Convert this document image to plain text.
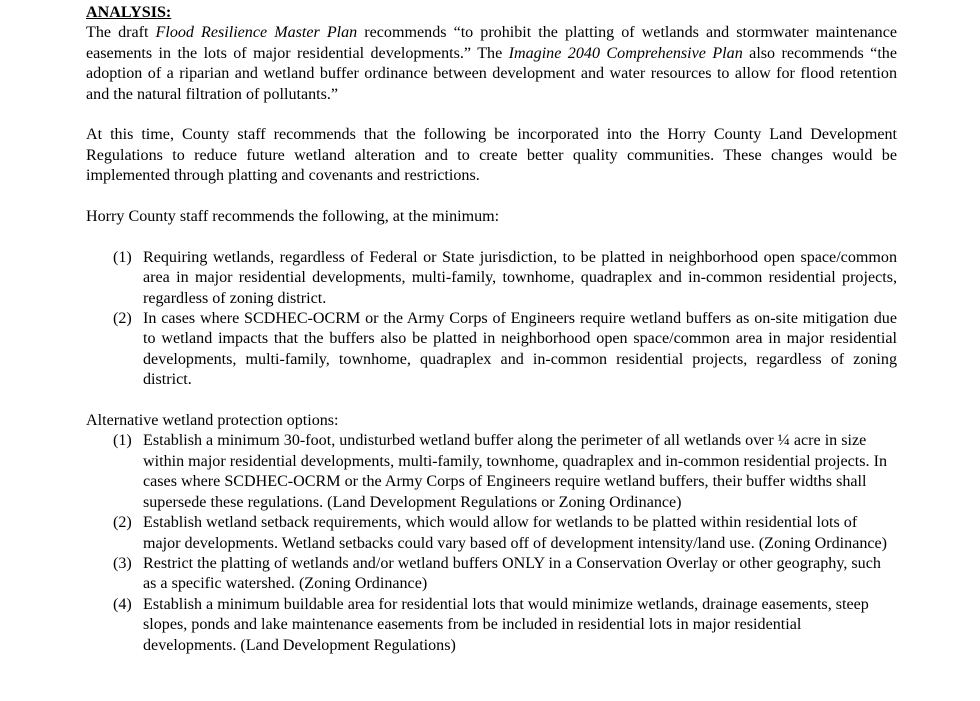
ANALYSIS:

The draft Flood Resilience Master Plan recommends “to prohibit the platting of wetlands and stormwater maintenance easements in the lots of major residential developments.” The Imagine 2040 Comprehensive Plan also recommends “the adoption of a riparian and wetland buffer ordinance between development and water resources to allow for flood retention and the natural filtration of pollutants.”

At this time, County staff recommends that the following be incorporated into the Horry County Land Development Regulations to reduce future wetland alteration and to create better quality communities. These changes would be implemented through platting and covenants and restrictions.

Horry County staff recommends the following, at the minimum:

(1) Requiring wetlands, regardless of Federal or State jurisdiction, to be platted in neighborhood open space/common area in major residential developments, multi-family, townhome, quadraplex and in-common residential projects, regardless of zoning district.

(2) In cases where SCDHEC-OCRM or the Army Corps of Engineers require wetland buffers as on-site mitigation due to wetland impacts that the buffers also be platted in neighborhood open space/common area in major residential developments, multi-family, townhome, quadraplex and in-common residential projects, regardless of zoning district.

Alternative wetland protection options:

(1) Establish a minimum 30-foot, undisturbed wetland buffer along the perimeter of all wetlands over ¼ acre in size within major residential developments, multi-family, townhome, quadraplex and in-common residential projects. In cases where SCDHEC-OCRM or the Army Corps of Engineers require wetland buffers, their buffer widths shall supersede these regulations. (Land Development Regulations or Zoning Ordinance)

(2) Establish wetland setback requirements, which would allow for wetlands to be platted within residential lots of major developments. Wetland setbacks could vary based off of development intensity/land use. (Zoning Ordinance)

(3) Restrict the platting of wetlands and/or wetland buffers ONLY in a Conservation Overlay or other geography, such as a specific watershed. (Zoning Ordinance)

(4) Establish a minimum buildable area for residential lots that would minimize wetlands, drainage easements, steep slopes, ponds and lake maintenance easements from be included in residential lots in major residential developments. (Land Development Regulations)
